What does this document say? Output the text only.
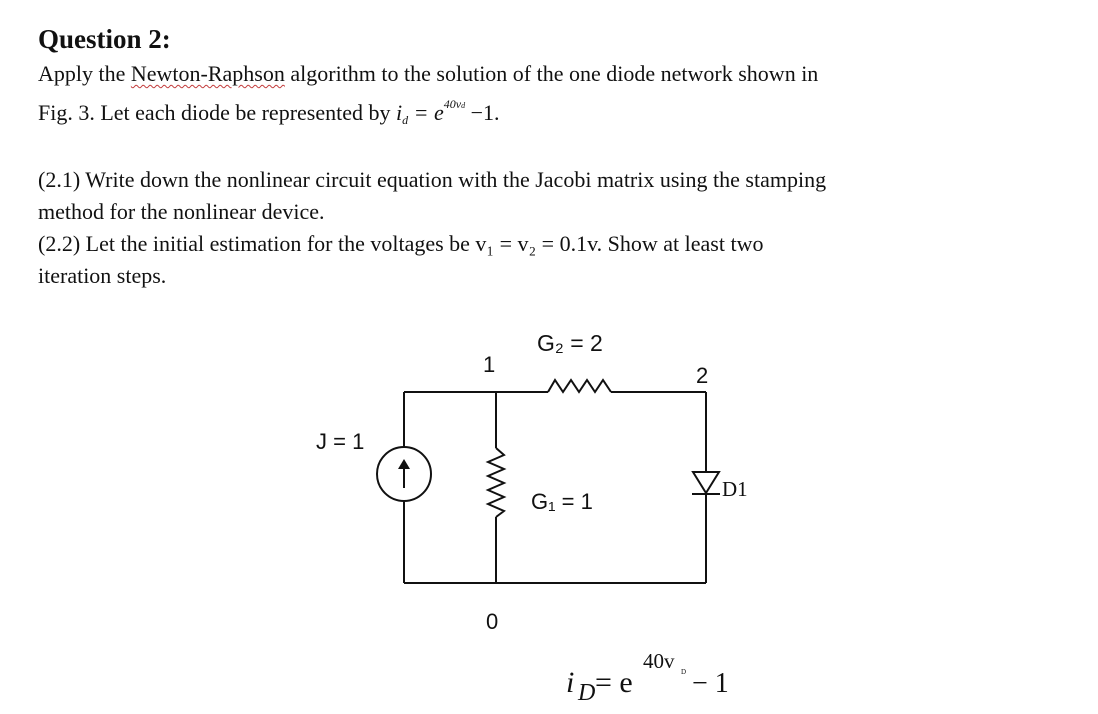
Question 2:
Apply the Newton-Raphson algorithm to the solution of the one diode network shown in
Fig. 3. Let each diode be represented by id = $e^{40vd} -1$.
(2.1) Write down the nonlinear circuit equation with the Jacobi matrix using the stamping
method for the nonlinear device.
(2.2) Let the initial estimation for the voltages be v₁ = v₂ = 0.1v. Show at least two
iteration steps.
G₂ = 2
1	2
J = 1
G₁ = 1	D1
0
i D = e
40v D − 1
